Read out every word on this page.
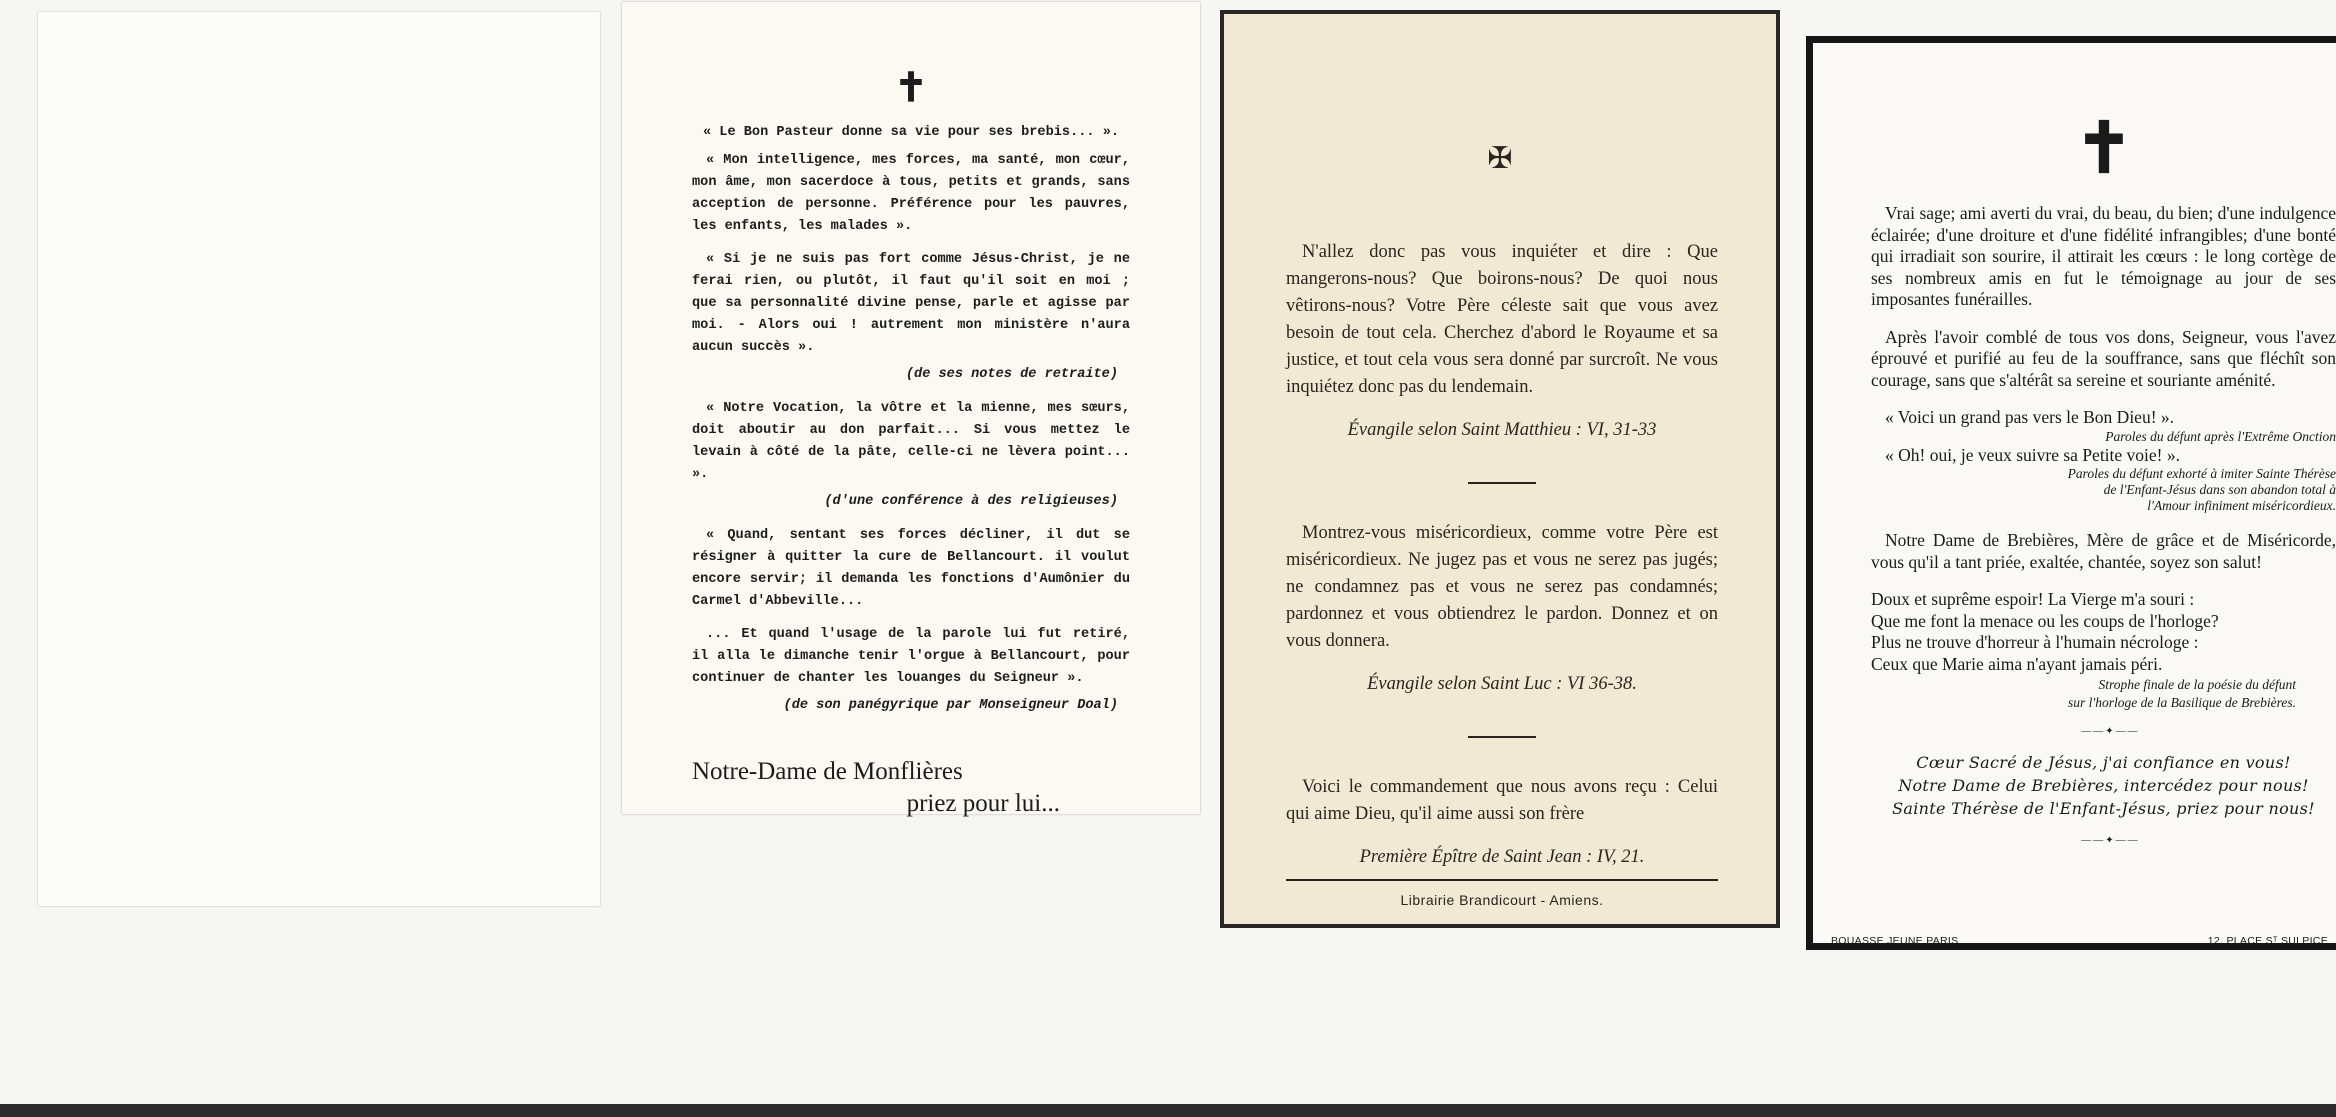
✝

« Le Bon Pasteur donne sa vie pour ses brebis... ».

« Mon intelligence, mes forces, ma santé, mon cœur, mon âme, mon sacerdoce à tous, petits et grands, sans acception de personne. Préférence pour les pauvres, les enfants, les malades ».

« Si je ne suis pas fort comme Jésus-Christ, je ne ferai rien, ou plutôt, il faut qu'il soit en moi ; que sa personnalité divine pense, parle et agisse par moi. - Alors oui ! autrement mon ministère n'aura aucun succès ».

(de ses notes de retraite)

« Notre Vocation, la vôtre et la mienne, mes sœurs, doit aboutir au don parfait... Si vous mettez le levain à côté de la pâte, celle-ci ne lèvera point... ».

(d'une conférence à des religieuses)

« Quand, sentant ses forces décliner, il dut se résigner à quitter la cure de Bellancourt. il voulut encore servir; il demanda les fonctions d'Aumônier du Carmel d'Abbeville...

... Et quand l'usage de la parole lui fut retiré, il alla le dimanche tenir l'orgue à Bellancourt, pour continuer de chanter les louanges du Seigneur ».

(de son panégyrique par Monseigneur Doal)

Notre-Dame de Monflières

priez pour lui...

✠

N'allez donc pas vous inquiéter et dire : Que mangerons-nous? Que boirons-nous? De quoi nous vêtirons-nous? Votre Père céleste sait que vous avez besoin de tout cela. Cherchez d'abord le Royaume et sa justice, et tout cela vous sera donné par surcroît. Ne vous inquiétez donc pas du lendemain.

Évangile selon Saint Matthieu : VI, 31-33

Montrez-vous miséricordieux, comme votre Père est miséricordieux. Ne jugez pas et vous ne serez pas jugés; ne condamnez pas et vous ne serez pas condamnés; pardonnez et vous obtiendrez le pardon. Donnez et on vous donnera.

Évangile selon Saint Luc : VI 36-38.

Voici le commandement que nous avons reçu : Celui qui aime Dieu, qu'il aime aussi son frère

Première Épître de Saint Jean : IV, 21.

Librairie Brandicourt - Amiens.
✝

Vrai sage; ami averti du vrai, du beau, du bien; d'une indulgence éclairée; d'une droiture et d'une fidélité infrangibles; d'une bonté qui irradiait son sourire, il attirait les cœurs : le long cortège de ses nombreux amis en fut le témoignage au jour de ses imposantes funérailles.

Après l'avoir comblé de tous vos dons, Seigneur, vous l'avez éprouvé et purifié au feu de la souffrance, sans que fléchît son courage, sans que s'altérât sa sereine et souriante aménité.

« Voici un grand pas vers le Bon Dieu! ».

Paroles du défunt après l'Extrême Onction

« Oh! oui, je veux suivre sa Petite voie! ».

Paroles du défunt exhorté à imiter Sainte Thérèse

de l'Enfant-Jésus dans son abandon total à

l'Amour infiniment miséricordieux.

Notre Dame de Brebières, Mère de grâce et de Miséricorde, vous qu'il a tant priée, exaltée, chantée, soyez son salut!

Doux et suprême espoir! La Vierge m'a souri :

Que me font la menace ou les coups de l'horloge?

Plus ne trouve d'horreur à l'humain nécrologe :

Ceux que Marie aima n'ayant jamais péri.

Strophe finale de la poésie du défunt

sur l'horloge de la Basilique de Brebières.

——✦——

Cœur Sacré de Jésus, j'ai confiance en vous!

Notre Dame de Brebières, intercédez pour nous!

Sainte Thérèse de l'Enfant-Jésus, priez pour nous!

——✦——

BOUASSE JEUNE PARIS	12, PLACE Sᵀ SULPICE
